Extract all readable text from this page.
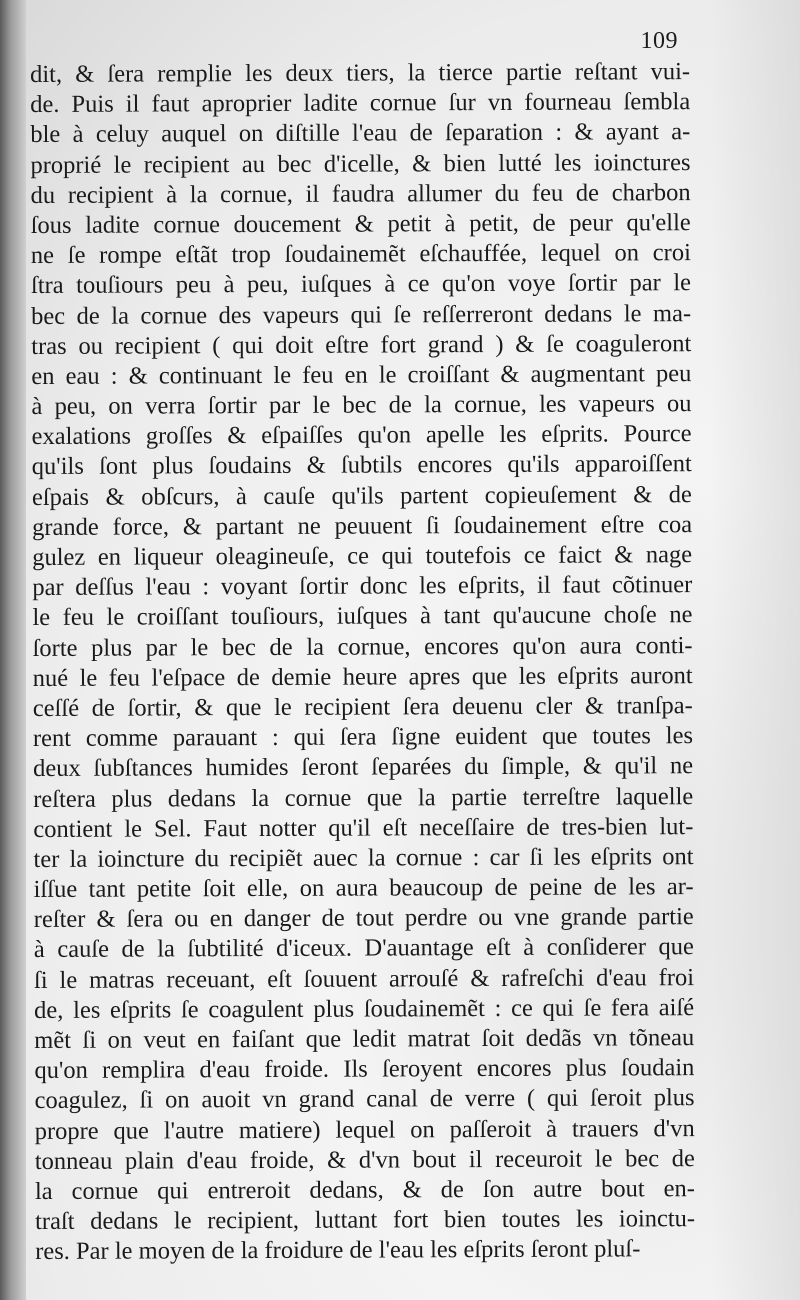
109
dit, & ſera remplie les deux tiers, la tierce partie reſtant vui-
de. Puis il faut aproprier ladite cornue ſur vn fourneau ſembla
ble à celuy auquel on diſtille l'eau de ſeparation : & ayant a-
proprié le recipient au bec d'icelle, & bien lutté les ioinctures
du recipient à la cornue, il faudra allumer du feu de charbon
ſous ladite cornue doucement & petit à petit, de peur qu'elle
ne ſe rompe eſtãt trop ſoudainemẽt eſchauffée, lequel on croi
ſtra touſiours peu à peu, iuſques à ce qu'on voye ſortir par le
bec de la cornue des vapeurs qui ſe reſſerreront dedans le ma-
tras ou recipient ( qui doit eſtre fort grand ) & ſe coaguleront
en eau : & continuant le feu en le croiſſant & augmentant peu
à peu, on verra ſortir par le bec de la cornue, les vapeurs ou
exalations groſſes & eſpaiſſes qu'on apelle les eſprits. Pource
qu'ils ſont plus ſoudains & ſubtils encores qu'ils apparoiſſent
eſpais & obſcurs, à cauſe qu'ils partent copieuſement & de
grande force, & partant ne peuuent ſi ſoudainement eſtre coa
gulez en liqueur oleagineuſe, ce qui toutefois ce faict & nage
par deſſus l'eau : voyant ſortir donc les eſprits, il faut cõtinuer
le feu le croiſſant touſiours, iuſques à tant qu'aucune choſe ne
ſorte plus par le bec de la cornue, encores qu'on aura conti-
nué le feu l'eſpace de demie heure apres que les eſprits auront
ceſſé de ſortir, & que le recipient ſera deuenu cler & tranſpa-
rent comme parauant : qui ſera ſigne euident que toutes les
deux ſubſtances humides ſeront ſeparées du ſimple, & qu'il ne
reſtera plus dedans la cornue que la partie terreſtre laquelle
contient le Sel. Faut notter qu'il eſt neceſſaire de tres-bien lut-
ter la ioincture du recipiẽt auec la cornue : car ſi les eſprits ont
iſſue tant petite ſoit elle, on aura beaucoup de peine de les ar-
reſter & ſera ou en danger de tout perdre ou vne grande partie
à cauſe de la ſubtilité d'iceux. D'auantage eſt à conſiderer que
ſi le matras receuant, eſt ſouuent arrouſé & rafreſchi d'eau froi
de, les eſprits ſe coagulent plus ſoudainemẽt : ce qui ſe fera aiſé
mẽt ſi on veut en faiſant que ledit matrat ſoit dedãs vn tõneau
qu'on remplira d'eau froide. Ils ſeroyent encores plus ſoudain
coagulez, ſi on auoit vn grand canal de verre ( qui ſeroit plus
propre que l'autre matiere) lequel on paſſeroit à trauers d'vn
tonneau plain d'eau froide, & d'vn bout il receuroit le bec de
la cornue qui entreroit dedans, & de ſon autre bout en-
traſt dedans le recipient, luttant fort bien toutes les ioinctu-
res. Par le moyen de la froidure de l'eau les eſprits ſeront pluſ-
